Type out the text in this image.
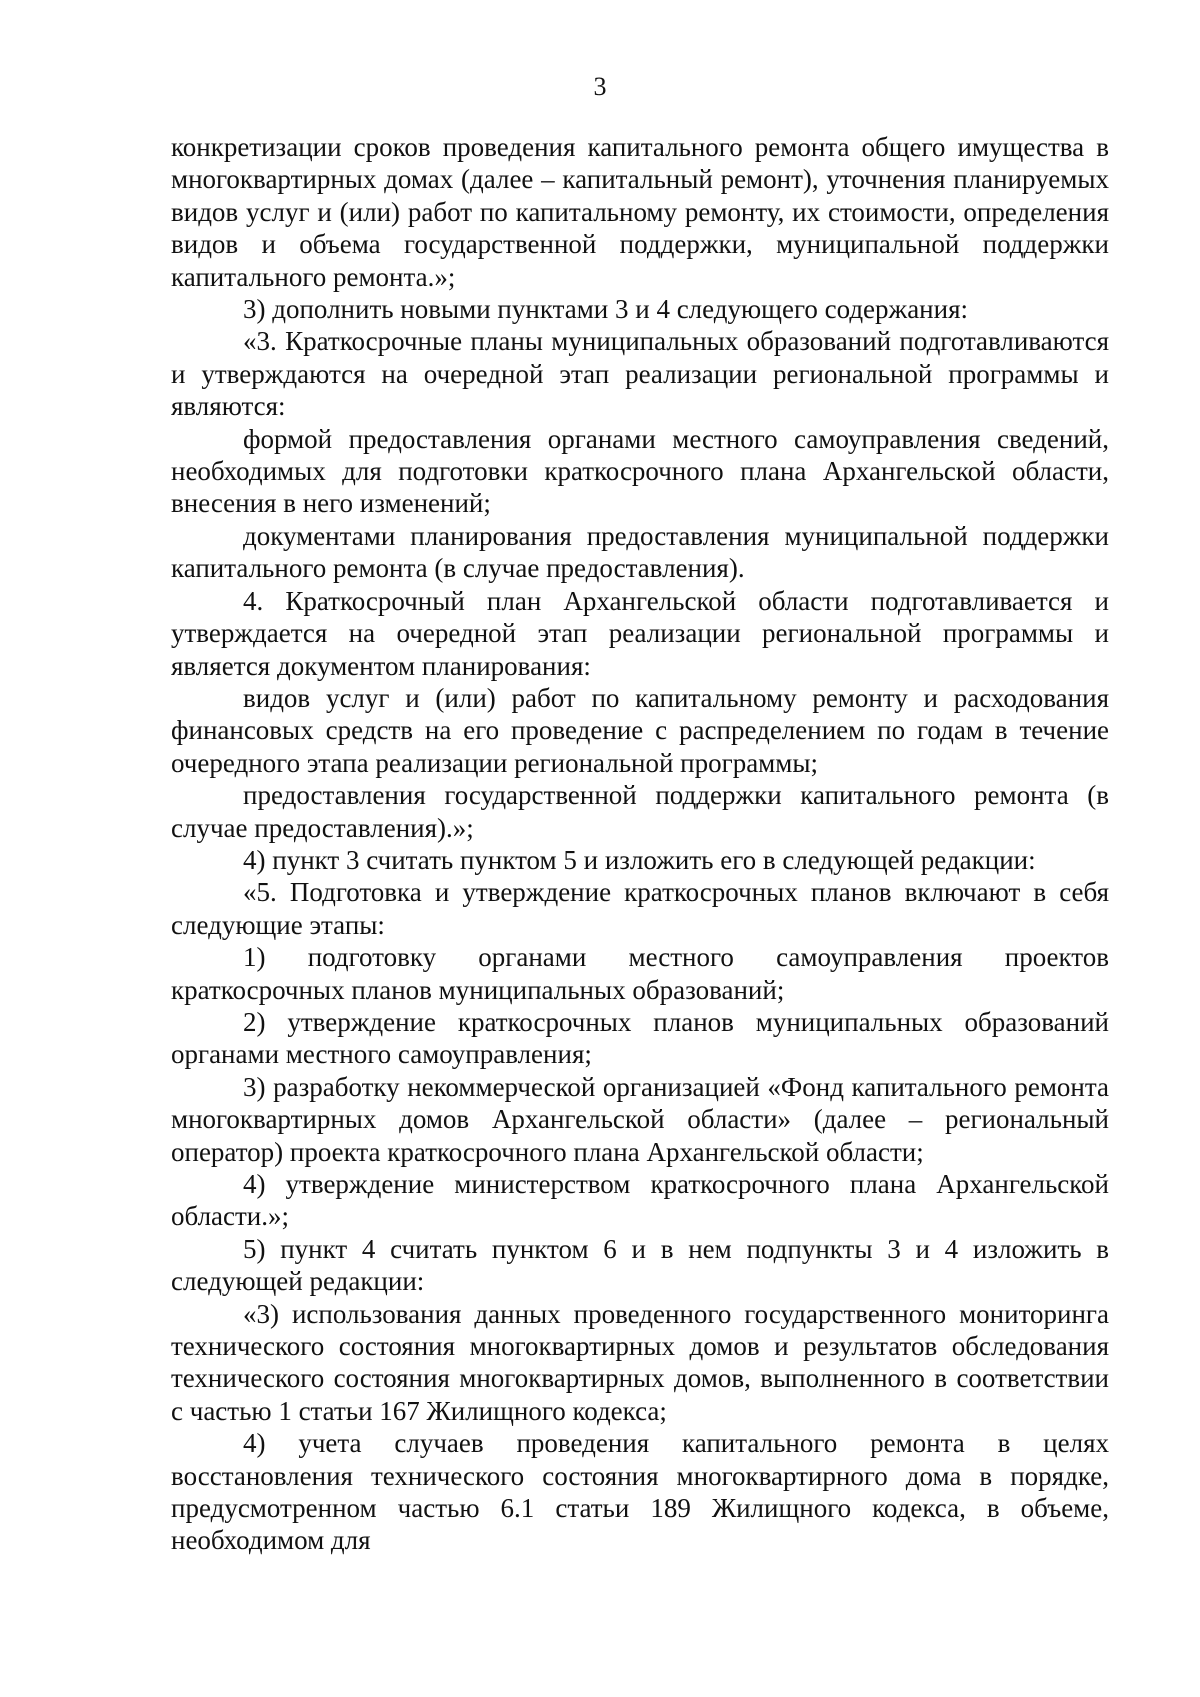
3

конкретизации сроков проведения капитального ремонта общего имущества в многоквартирных домах (далее – капитальный ремонт), уточнения планируемых видов услуг и (или) работ по капитальному ремонту, их стоимости, определения видов и объема государственной поддержки, муниципальной поддержки капитального ремонта.»;

3) дополнить новыми пунктами 3 и 4 следующего содержания:

«3. Краткосрочные планы муниципальных образований подготавливаются и утверждаются на очередной этап реализации региональной программы и являются:

формой предоставления органами местного самоуправления сведений, необходимых для подготовки краткосрочного плана Архангельской области, внесения в него изменений;

документами планирования предоставления муниципальной поддержки капитального ремонта (в случае предоставления).

4. Краткосрочный план Архангельской области подготавливается и утверждается на очередной этап реализации региональной программы и является документом планирования:

видов услуг и (или) работ по капитальному ремонту и расходования финансовых средств на его проведение с распределением по годам в течение очередного этапа реализации региональной программы;

предоставления государственной поддержки капитального ремонта (в случае предоставления).»;

4) пункт 3 считать пунктом 5 и изложить его в следующей редакции:

«5. Подготовка и утверждение краткосрочных планов включают в себя следующие этапы:

1) подготовку органами местного самоуправления проектов краткосрочных планов муниципальных образований;

2) утверждение краткосрочных планов муниципальных образований органами местного самоуправления;

3) разработку некоммерческой организацией «Фонд капитального ремонта многоквартирных домов Архангельской области» (далее – региональный оператор) проекта краткосрочного плана Архангельской области;

4) утверждение министерством краткосрочного плана Архангельской области.»;

5) пункт 4 считать пунктом 6 и в нем подпункты 3 и 4 изложить в следующей редакции:

«3) использования данных проведенного государственного мониторинга технического состояния многоквартирных домов и результатов обследования технического состояния многоквартирных домов, выполненного в соответствии с частью 1 статьи 167 Жилищного кодекса;

4) учета случаев проведения капитального ремонта в целях восстановления технического состояния многоквартирного дома в порядке, предусмотренном частью 6.1 статьи 189 Жилищного кодекса, в объеме, необходимом для
